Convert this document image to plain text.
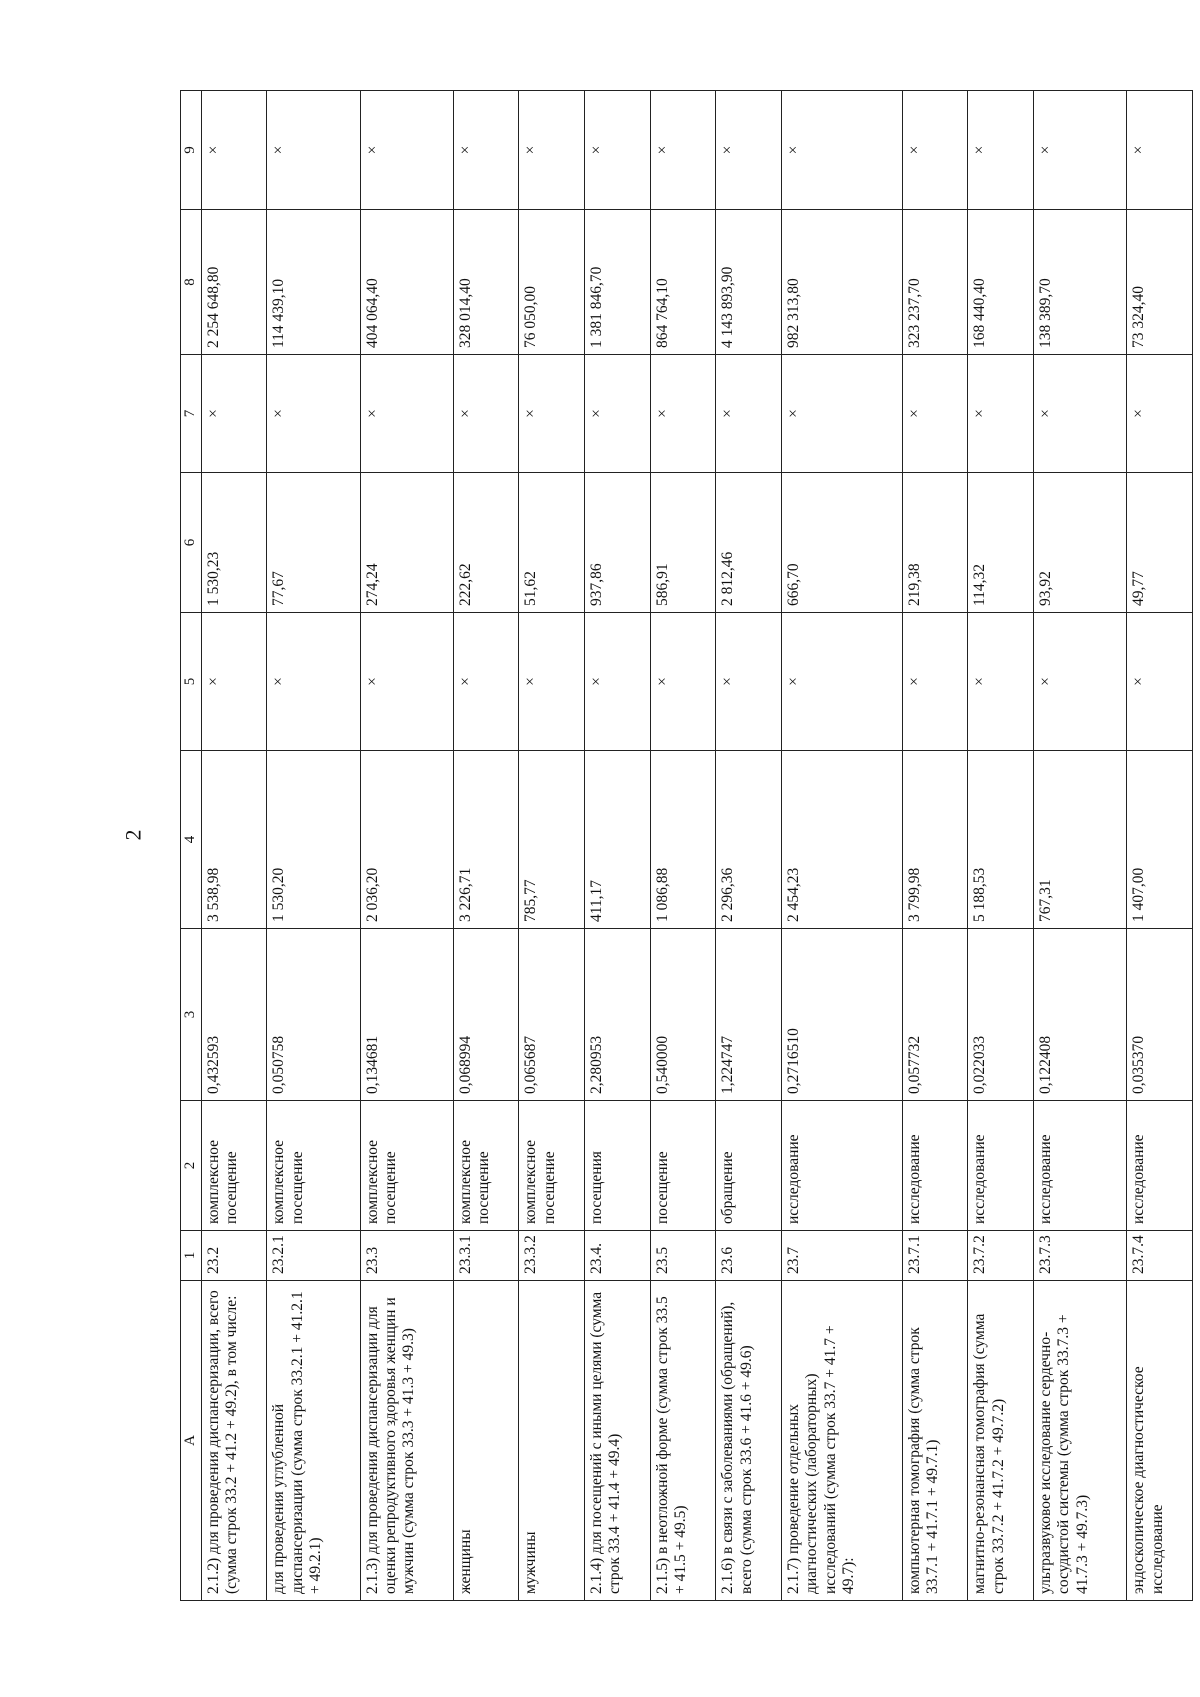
2
А	1	2	3	4	5	6	7	8	9
2.1.2) для проведения диспансеризации, всего (сумма строк 33.2 + 41.2 + 49.2), в том числе:	23.2	комплексное посещение	0,432593	3 538,98	×	1 530,23	×	2 254 648,80	×
для проведения углубленной диспансеризации (сумма строк 33.2.1 + 41.2.1 + 49.2.1)	23.2.1	комплексное посещение	0,050758	1 530,20	×	77,67	×	114 439,10	×
2.1.3) для проведения диспансеризации для оценки репродуктивного здоровья женщин и мужчин (сумма строк 33.3 + 41.3 + 49.3)	23.3	комплексное посещение	0,134681	2 036,20	×	274,24	×	404 064,40	×
женщины	23.3.1	комплексное посещение	0,068994	3 226,71	×	222,62	×	328 014,40	×
мужчины	23.3.2	комплексное посещение	0,065687	785,77	×	51,62	×	76 050,00	×
2.1.4) для посещений с иными целями (сумма строк 33.4 + 41.4 + 49.4)	23.4.	посещения	2,280953	411,17	×	937,86	×	1 381 846,70	×
2.1.5) в неотложной форме (сумма строк 33.5 + 41.5 + 49.5)	23.5	посещение	0,540000	1 086,88	×	586,91	×	864 764,10	×
2.1.6) в связи с заболеваниями (обращений), всего (сумма строк 33.6 + 41.6 + 49.6)	23.6	обращение	1,224747	2 296,36	×	2 812,46	×	4 143 893,90	×
2.1.7) проведение отдельных диагностических (лабораторных) исследований (сумма строк 33.7 + 41.7 + 49.7):	23.7	исследование	0,2716510	2 454,23	×	666,70	×	982 313,80	×
компьютерная томография (сумма строк 33.7.1 + 41.7.1 + 49.7.1)	23.7.1	исследование	0,057732	3 799,98	×	219,38	×	323 237,70	×
магнитно-резонансная томография (сумма строк 33.7.2 + 41.7.2 + 49.7.2)	23.7.2	исследование	0,022033	5 188,53	×	114,32	×	168 440,40	×
ультразвуковое исследование сердечно-сосудистой системы (сумма строк 33.7.3 + 41.7.3 + 49.7.3)	23.7.3	исследование	0,122408	767,31	×	93,92	×	138 389,70	×
эндоскопическое диагностическое исследование	23.7.4	исследование	0,035370	1 407,00	×	49,77	×	73 324,40	×
